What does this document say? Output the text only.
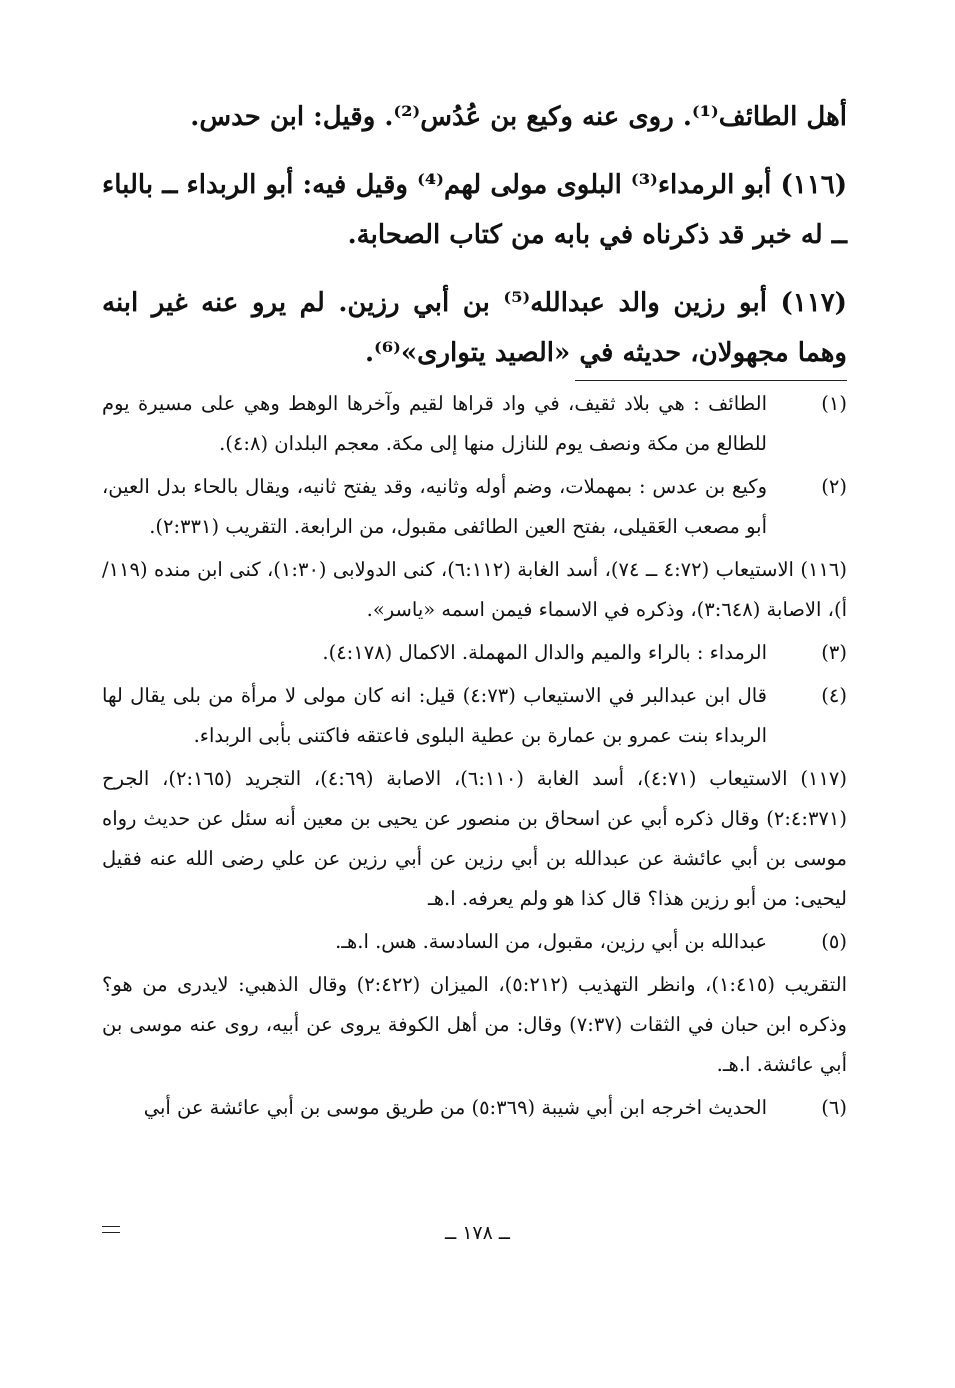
أهل الطائف⁽¹⁾. روى عنه وكيع بن عُدُس⁽²⁾. وقيل: ابن حدس.

(١١٦) أبو الرمداء⁽³⁾ البلوى مولى لهم⁽⁴⁾ وقيل فيه: أبو الربداء ــ بالباء ــ له خبر قد ذكرناه في بابه من كتاب الصحابة.

(١١٧) أبو رزين والد عبدالله⁽⁵⁾ بن أبي رزين. لم يرو عنه غير ابنه وهما مجهولان، حديثه في «الصيد يتوارى»⁽⁶⁾.

(١)
الطائف : هي بلاد ثقيف، في واد قراها لقيم وآخرها الوهط وهي على مسيرة يوم للطالع من مكة ونصف يوم للنازل منها إلى مكة. معجم البلدان (٤:٨).
(٢)
وكيع بن عدس : بمهملات، وضم أوله وثانيه، وقد يفتح ثانيه، ويقال بالحاء بدل العين، أبو مصعب العَقيلى، بفتح العين الطائفى مقبول، من الرابعة. التقريب (٢:٣٣١).
(١١٦) الاستيعاب (٤:٧٢ ــ ٧٤)، أسد الغابة (٦:١١٢)، كنى الدولابى (١:٣٠)، كنى ابن منده (١١٩/أ)، الاصابة (٣:٦٤٨)، وذكره في الاسماء فيمن اسمه «ياسر».
(٣)
الرمداء : بالراء والميم والدال المهملة. الاكمال (٤:١٧٨).
(٤)
قال ابن عبدالبر في الاستيعاب (٤:٧٣) قيل: انه كان مولى لا مرأة من بلى يقال لها الربداء بنت عمرو بن عمارة بن عطية البلوى فاعتقه فاكتنى بأبى الربداء.
(١١٧) الاستيعاب (٤:٧١)، أسد الغابة (٦:١١٠)، الاصابة (٤:٦٩)، التجريد (٢:١٦٥)، الجرح (٢:٤:٣٧١) وقال ذكره أبي عن اسحاق بن منصور عن يحيى بن معين أنه سئل عن حديث رواه موسى بن أبي عائشة عن عبدالله بن أبي رزين عن أبي رزين عن علي رضى الله عنه فقيل ليحيى: من أبو رزين هذا؟ قال كذا هو ولم يعرفه. ا.هـ
(٥)
عبدالله بن أبي رزين، مقبول، من السادسة. هس. ا.هـ.
التقريب (١:٤١٥)، وانظر التهذيب (٥:٢١٢)، الميزان (٢:٤٢٢) وقال الذهبي: لايدرى من هو؟ وذكره ابن حبان في الثقات (٧:٣٧) وقال: من أهل الكوفة يروى عن أبيه، روى عنه موسى بن أبي عائشة. ا.هـ.
(٦)
الحديث اخرجه ابن أبي شيبة (٥:٣٦٩) من طريق موسى بن أبي عائشة عن أبي
ــ ١٧٨ ــ
